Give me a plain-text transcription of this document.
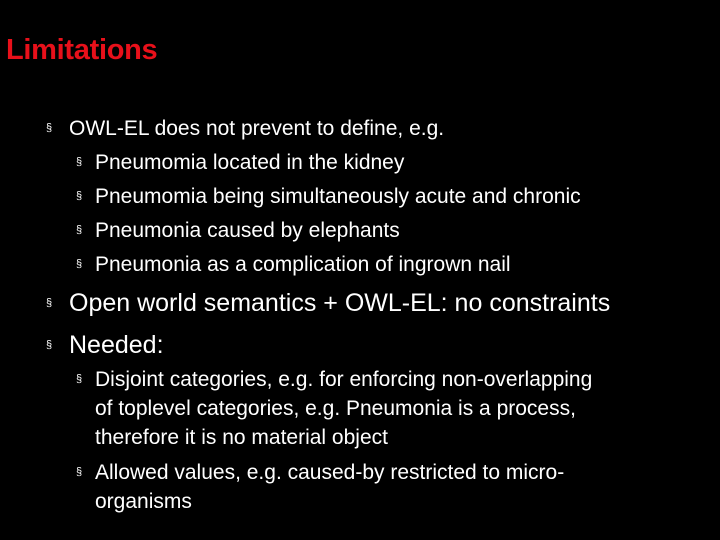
Limitations
§ OWL-EL does not prevent to define, e.g.
§ Pneumomia located in the kidney
§ Pneumomia being simultaneously acute and chronic
§ Pneumonia caused by elephants
§ Pneumonia as a complication of ingrown nail
§ Open world semantics + OWL-EL: no constraints
§ Needed:
§ Disjoint categories, e.g. for enforcing non-overlapping
of toplevel categories, e.g. Pneumonia is a process,
therefore it is no material object
§ Allowed values, e.g. caused-by restricted to micro-
organisms
